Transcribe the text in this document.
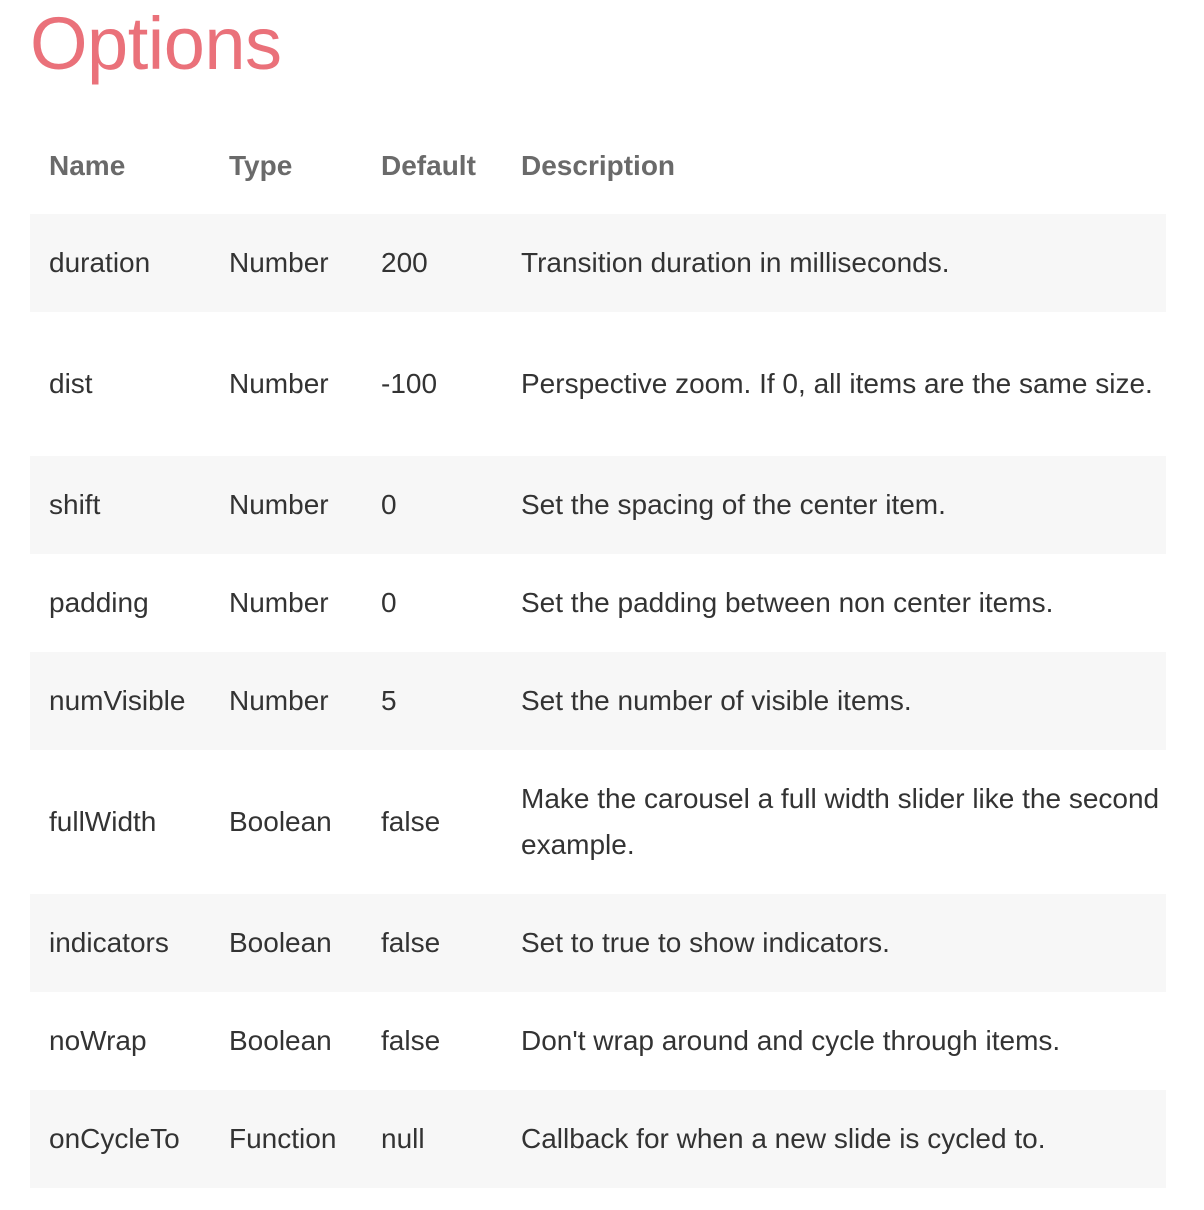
Options
Name	Type	Default	Description
duration	Number	200	Transition duration in milliseconds.
dist	Number	-100	Perspective zoom. If 0, all items are the same size.
shift	Number	0	Set the spacing of the center item.
padding	Number	0	Set the padding between non center items.
numVisible	Number	5	Set the number of visible items.
fullWidth	Boolean	false	Make the carousel a full width slider like the second example.
indicators	Boolean	false	Set to true to show indicators.
noWrap	Boolean	false	Don't wrap around and cycle through items.
onCycleTo	Function	null	Callback for when a new slide is cycled to.
